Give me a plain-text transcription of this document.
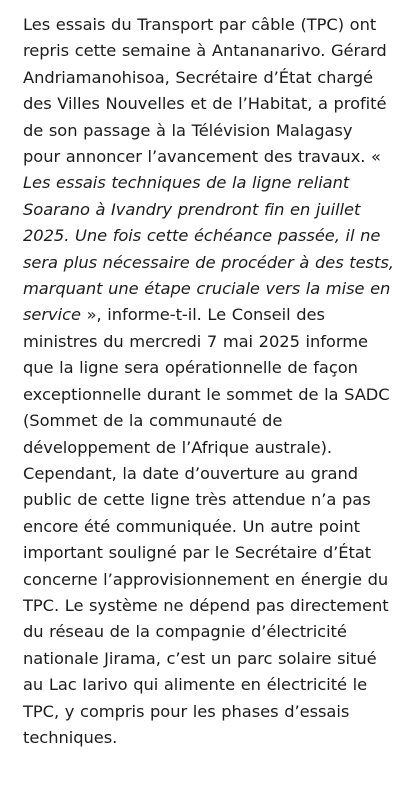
Les essais du Transport par câble (TPC) ont repris cette semaine à Antananarivo. Gérard Andriamanohisoa, Secrétaire d’État chargé des Villes Nouvelles et de l’Habitat, a profité de son passage à la Télévision Malagasy pour annoncer l’avancement des travaux. « Les essais techniques de la ligne reliant Soarano à Ivandry prendront fin en juillet 2025. Une fois cette échéance passée, il ne sera plus nécessaire de procéder à des tests, marquant une étape cruciale vers la mise en service », informe-t-il. Le Conseil des ministres du mercredi 7 mai 2025 informe que la ligne sera opérationnelle de façon exceptionnelle durant le sommet de la SADC (Sommet de la communauté de développement de l’Afrique australe). Cependant, la date d’ouverture au grand public de cette ligne très attendue n’a pas encore été communiquée. Un autre point important souligné par le Secrétaire d’État concerne l’approvisionnement en énergie du TPC. Le système ne dépend pas directement du réseau de la compagnie d’électricité nationale Jirama, c’est un parc solaire situé au Lac Iarivo qui alimente en électricité le TPC, y compris pour les phases d’essais techniques.
